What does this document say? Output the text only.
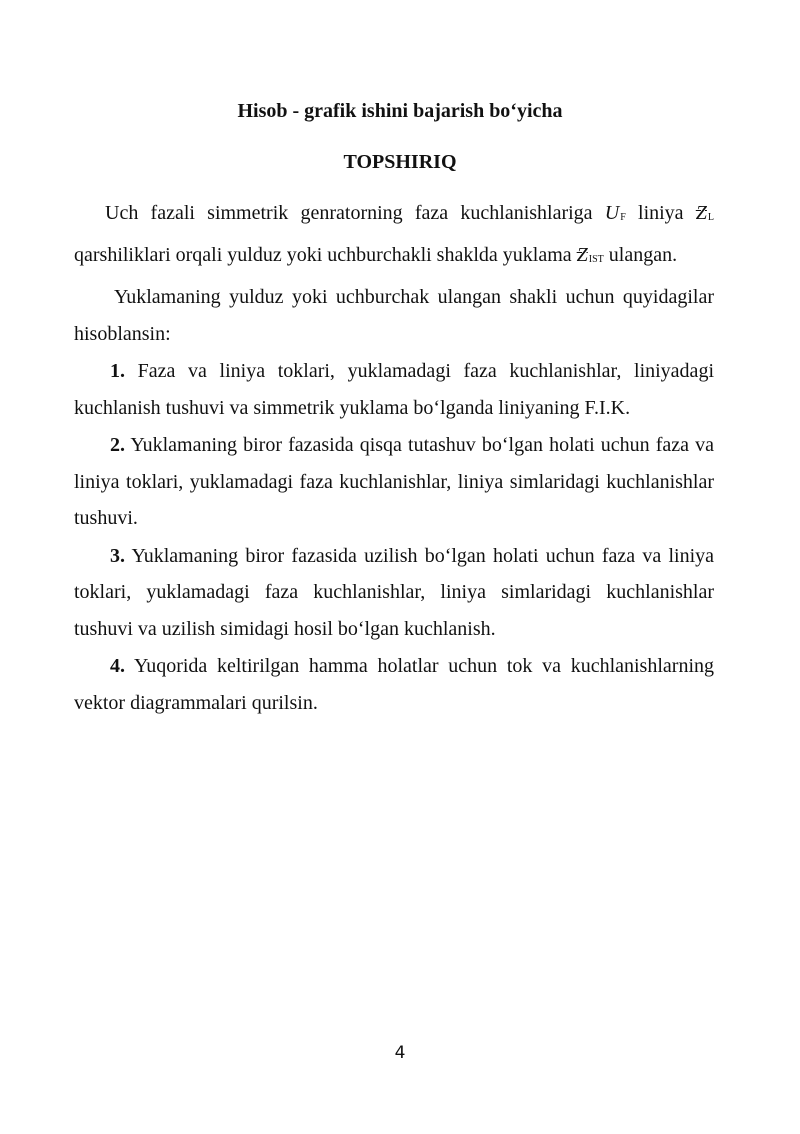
Hisob - grafik ishini bajarish bo‘yicha
TOPSHIRIQ

Uch fazali simmetrik genratorning faza kuchlanishlariga UF liniya ZL qarshiliklari orqali yulduz yoki uchburchakli shaklda yuklama ZIST ulangan.

Yuklamaning yulduz yoki uchburchak ulangan shakli uchun quyidagilar hisoblansin:

1. Faza va liniya toklari, yuklamadagi faza kuchlanishlar, liniyadagi kuchlanish tushuvi va simmetrik yuklama bo‘lganda liniyaning F.I.K.

2. Yuklamaning biror fazasida qisqa tutashuv bo‘lgan holati uchun faza va liniya toklari, yuklamadagi faza kuchlanishlar, liniya simlaridagi kuchlanishlar tushuvi.

3. Yuklamaning biror fazasida uzilish bo‘lgan holati uchun faza va liniya toklari, yuklamadagi faza kuchlanishlar, liniya simlaridagi kuchlanishlar tushuvi va uzilish simidagi hosil bo‘lgan kuchlanish.

4. Yuqorida keltirilgan hamma holatlar uchun tok va kuchlanishlarning vektor diagrammalari qurilsin.

4
